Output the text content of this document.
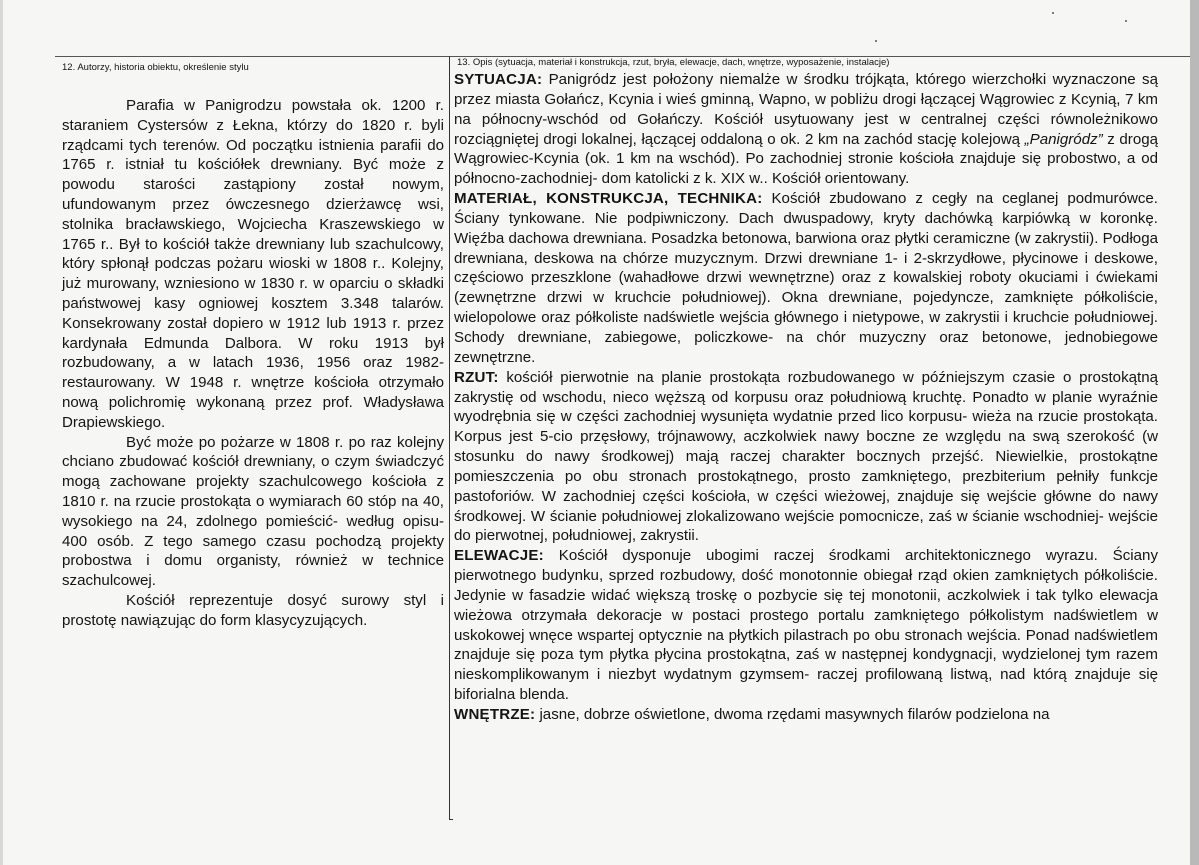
12. Autorzy, historia obiektu, określenie stylu	13. Opis (sytuacja, materiał i konstrukcja, rzut, bryła, elewacje, dach, wnętrze, wyposażenie, instalacje)

Parafia w Panigrodzu powstała ok. 1200 r. staraniem Cystersów z Łekna, którzy do 1820 r. byli rządcami tych terenów. Od początku istnienia parafii do 1765 r. istniał tu kościółek drewniany. Być może z powodu starości zastąpiony został nowym, ufundowanym przez ówczesnego dzierżawcę wsi, stolnika bracławskiego, Wojciecha Kraszewskiego w 1765 r.. Był to kościół także drewniany lub szachulcowy, który spłonął podczas pożaru wioski w 1808 r.. Kolejny, już murowany, wzniesiono w 1830 r. w oparciu o składki państwowej kasy ogniowej kosztem 3.348 talarów. Konsekrowany został dopiero w 1912 lub 1913 r. przez kardynała Edmunda Dalbora. W roku 1913 był rozbudowany, a w latach 1936, 1956 oraz 1982- restaurowany. W 1948 r. wnętrze kościoła otrzymało nową polichromię wykonaną przez prof. Władysława Drapiewskiego.

Być może po pożarze w 1808 r. po raz kolejny chciano zbudować kościół drewniany, o czym świadczyć mogą zachowane projekty szachulcowego kościoła z 1810 r. na rzucie prostokąta o wymiarach 60 stóp na 40, wysokiego na 24, zdolnego pomieścić- według opisu- 400 osób. Z tego samego czasu pochodzą projekty probostwa i domu organisty, również w technice szachulcowej.

Kościół reprezentuje dosyć surowy styl i prostotę nawiązując do form klasycyzujących.

SYTUACJA: Panigródz jest położony niemalże w środku trójkąta, którego wierzchołki wyznaczone są przez miasta Gołańcz, Kcynia i wieś gminną, Wapno, w pobliżu drogi łączącej Wągrowiec z Kcynią, 7 km na północny-wschód od Gołańczy. Kościół usytuowany jest w centralnej części równoleżnikowo rozciągniętej drogi lokalnej, łączącej oddaloną o ok. 2 km na zachód stację kolejową „Panigródz” z drogą Wągrowiec-Kcynia (ok. 1 km na wschód). Po zachodniej stronie kościoła znajduje się probostwo, a od północno-zachodniej- dom katolicki z k. XIX w.. Kościół orientowany.

MATERIAŁ, KONSTRUKCJA, TECHNIKA: Kościół zbudowano z cegły na ceglanej podmurówce. Ściany tynkowane. Nie podpiwniczony. Dach dwuspadowy, kryty dachówką karpiówką w koronkę. Więźba dachowa drewniana. Posadzka betonowa, barwiona oraz płytki ceramiczne (w zakrystii). Podłoga drewniana, deskowa na chórze muzycznym. Drzwi drewniane 1- i 2-skrzydłowe, płycinowe i deskowe, częściowo przeszklone (wahadłowe drzwi wewnętrzne) oraz z kowalskiej roboty okuciami i ćwiekami (zewnętrzne drzwi w kruchcie południowej). Okna drewniane, pojedyncze, zamknięte półkoliście, wielopolowe oraz półkoliste nadświetle wejścia głównego i nietypowe, w zakrystii i kruchcie południowej. Schody drewniane, zabiegowe, policzkowe- na chór muzyczny oraz betonowe, jednobiegowe zewnętrzne.

RZUT: kościół pierwotnie na planie prostokąta rozbudowanego w późniejszym czasie o prostokątną zakrystię od wschodu, nieco węższą od korpusu oraz południową kruchtę. Ponadto w planie wyraźnie wyodrębnia się w części zachodniej wysunięta wydatnie przed lico korpusu- wieża na rzucie prostokąta. Korpus jest 5-cio przęsłowy, trójnawowy, aczkolwiek nawy boczne ze względu na swą szerokość (w stosunku do nawy środkowej) mają raczej charakter bocznych przejść. Niewielkie, prostokątne pomieszczenia po obu stronach prostokątnego, prosto zamkniętego, prezbiterium pełniły funkcje pastoforiów. W zachodniej części kościoła, w części wieżowej, znajduje się wejście główne do nawy środkowej. W ścianie południowej zlokalizowano wejście pomocnicze, zaś w ścianie wschodniej- wejście do pierwotnej, południowej, zakrystii.

ELEWACJE: Kościół dysponuje ubogimi raczej środkami architektonicznego wyrazu. Ściany pierwotnego budynku, sprzed rozbudowy, dość monotonnie obiegał rząd okien zamkniętych półkoliście. Jedynie w fasadzie widać większą troskę o pozbycie się tej monotonii, aczkolwiek i tak tylko elewacja wieżowa otrzymała dekoracje w postaci prostego portalu zamkniętego półkolistym nadświetlem w uskokowej wnęce wspartej optycznie na płytkich pilastrach po obu stronach wejścia. Ponad nadświetlem znajduje się poza tym płytka płycina prostokątna, zaś w następnej kondygnacji, wydzielonej tym razem nieskomplikowanym i niezbyt wydatnym gzymsem- raczej profilowaną listwą, nad którą znajduje się biforialna blenda.

WNĘTRZE: jasne, dobrze oświetlone, dwoma rzędami masywnych filarów podzielona na
